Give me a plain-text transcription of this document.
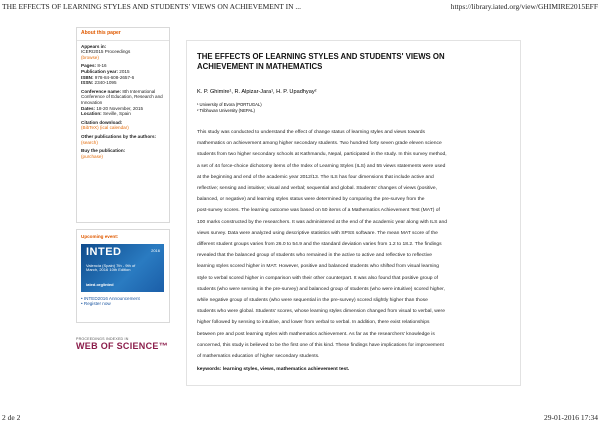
THE EFFECTS OF LEARNING STYLES AND STUDENTS' VIEWS ON ACHIEVEMENT IN ...	https://library.iated.org/view/GHIMIRE2015EFF
About this paper
Appears in:
ICERI2015 Proceedings
(browse)
Pages: 8-16
Publication year: 2015
ISBN: 978-84-608-2657-6
ISSN: 2340-1095
Conference name: 8th International Conference of Education, Research and Innovation
Dates: 18-20 November, 2015
Location: Seville, Spain
Citation download:
(BibTeX) (ical calendar)
Other publications by the authors:
(search)
Buy the publication:
(purchase)
Upcoming event:
INTED	2016
Valencia (Spain) 7th - 9th of March, 2016 10th Edition
iated.org/inted
• INTED2016 Announcement
• Register now
PROCEEDINGS INDEXED IN
WEB OF SCIENCE™
THE EFFECTS OF LEARNING STYLES AND STUDENTS' VIEWS ON ACHIEVEMENT IN MATHEMATICS
K. P. Ghimire¹, R. Alpizar-Jara¹, H. P. Upadhyay²
¹ University of Evora (PORTUGAL)
² Tribhuvan University (NEPAL)
This study was conducted to understand the effect of change status of learning styles and views towards
mathematics on achievement among higher secondary students. Two hundred forty seven grade eleven science
students from two higher secondary schools at Kathmandu, Nepal, participated in the study. In this survey method,
a set of 44 force-choice dichotomy items of the Index of Learning Styles (ILS) and 55 views statements were used
at the beginning and end of the academic year 2012/13. The ILS has four dimensions that include active and
reflective; sensing and intuitive; visual and verbal; sequential and global. Students' changes of views (positive,
balanced, or negative) and learning styles status were determined by comparing the pre-survey from the
post-survey scores. The learning outcome was based on 50 items of a Mathematics Achievement Test (MAT) of
100 marks constructed by the researchers. It was administered at the end of the academic year along with ILS and
views survey. Data were analyzed using descriptive statistics with SPSS software. The mean MAT score of the
different student groups varies from 26.0 to 54.9 and the standard deviation varies from 1.2 to 18.2. The findings
revealed that the balanced group of students who remained in the active to active and reflective to reflective
learning styles scored higher in MAT. However, positive and balanced students who shifted from visual learning
style to verbal scored higher in comparison with their other counterpart. It was also found that positive group of
students (who were sensing in the pre-survey) and balanced group of students (who were intuitive) scored higher,
while negative group of students (who were sequential in the pre-survey) scored slightly higher than those
students who were global. Students' scores, whose learning styles dimension changed from visual to verbal, were
higher followed by sensing to intuitive, and lower from verbal to verbal. In addition, there exist relationships
between pre and post learning styles with mathematics achievement. As far as the researchers' knowledge is
concerned, this study is believed to be the first one of this kind. These findings have implications for improvement
of mathematics education of higher secondary students.
keywords: learning styles, views, mathematics achievement test.
2 de 2	29-01-2016 17:34
